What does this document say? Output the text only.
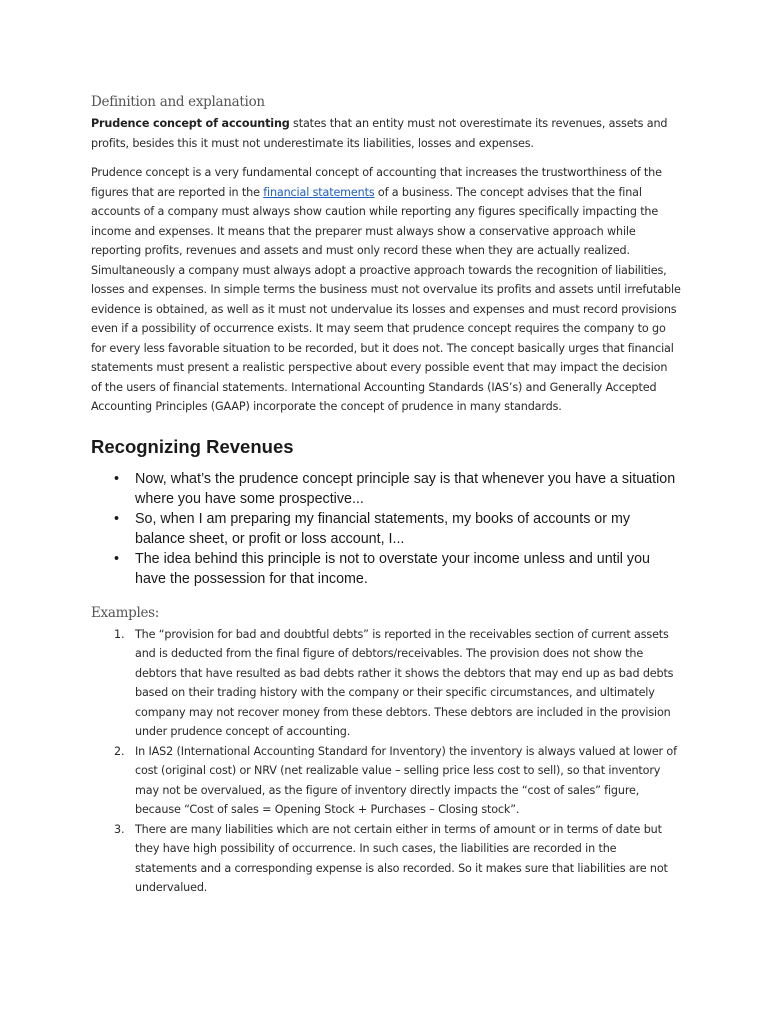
Definition and explanation

Prudence concept of accounting states that an entity must not overestimate its revenues, assets and profits, besides this it must not underestimate its liabilities, losses and expenses.

Prudence concept is a very fundamental concept of accounting that increases the trustworthiness of the figures that are reported in the financial statements of a business. The concept advises that the final accounts of a company must always show caution while reporting any figures specifically impacting the income and expenses. It means that the preparer must always show a conservative approach while reporting profits, revenues and assets and must only record these when they are actually realized. Simultaneously a company must always adopt a proactive approach towards the recognition of liabilities, losses and expenses. In simple terms the business must not overvalue its profits and assets until irrefutable evidence is obtained, as well as it must not undervalue its losses and expenses and must record provisions even if a possibility of occurrence exists. It may seem that prudence concept requires the company to go for every less favorable situation to be recorded, but it does not. The concept basically urges that financial statements must present a realistic perspective about every possible event that may impact the decision of the users of financial statements. International Accounting Standards (IAS’s) and Generally Accepted Accounting Principles (GAAP) incorporate the concept of prudence in many standards.

Recognizing Revenues
• Now, what’s the prudence concept principle say is that whenever you have a situation where you have some prospective...
• So, when I am preparing my financial statements, my books of accounts or my balance sheet, or profit or loss account, I...
• The idea behind this principle is not to overstate your income unless and until you have the possession for that income.

Examples:

1. The “provision for bad and doubtful debts” is reported in the receivables section of current assets and is deducted from the final figure of debtors/receivables. The provision does not show the debtors that have resulted as bad debts rather it shows the debtors that may end up as bad debts based on their trading history with the company or their specific circumstances, and ultimately company may not recover money from these debtors. These debtors are included in the provision under prudence concept of accounting.
2. In IAS2 (International Accounting Standard for Inventory) the inventory is always valued at lower of cost (original cost) or NRV (net realizable value – selling price less cost to sell), so that inventory may not be overvalued, as the figure of inventory directly impacts the “cost of sales” figure, because “Cost of sales = Opening Stock + Purchases – Closing stock”.
3. There are many liabilities which are not certain either in terms of amount or in terms of date but they have high possibility of occurrence. In such cases, the liabilities are recorded in the statements and a corresponding expense is also recorded. So it makes sure that liabilities are not undervalued.
